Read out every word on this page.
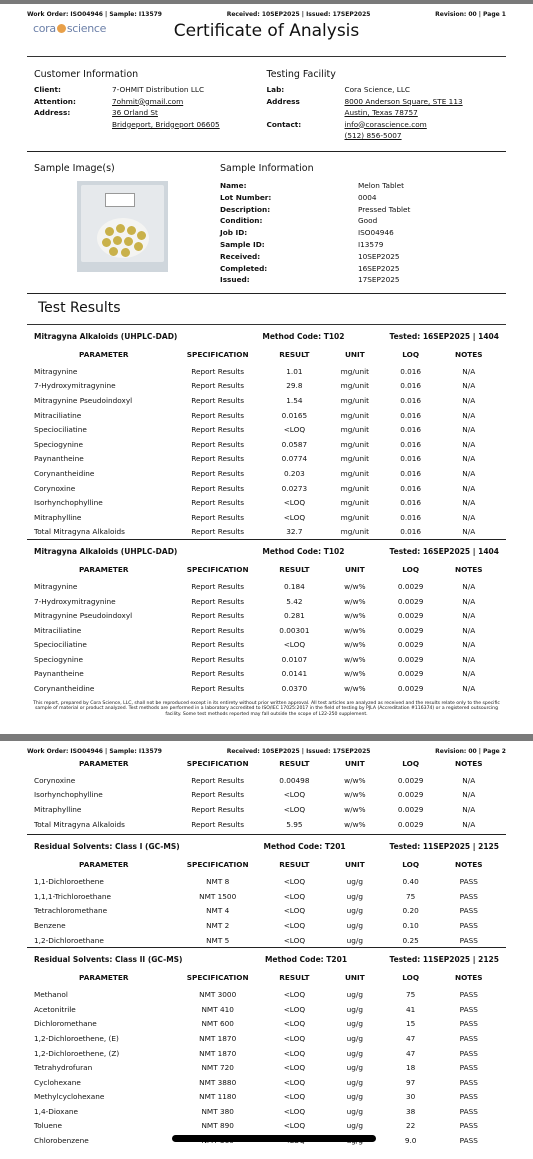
Work Order: ISO04946 | Sample: I13579	Received: 10SEP2025 | Issued: 17SEP2025	Revision: 00 | Page 1
cora science	Certificate of Analysis
Customer Information
Client:	7-OHMIT Distribution LLC
Attention:	7ohmit@gmail.com
Address:	36 Orland St
Bridgeport, Bridgeport 06605
Testing Facility
Lab:	Cora Science, LLC
Address	8000 Anderson Square, STE 113
Austin, Texas 78757
Contact:	info@corascience.com
(512) 856-5007
Sample Image(s)	Sample Information
Name:	Melon Tablet
Lot Number:	0004
Description:	Pressed Tablet
Condition:	Good
Job ID:	ISO04946
Sample ID:	I13579
Received:	10SEP2025
Completed:	16SEP2025
Issued:	17SEP2025
Test Results
Mitragyna Alkaloids (UHPLC-DAD)	Method Code: T102	Tested: 16SEP2025 | 1404
PARAMETER	SPECIFICATION	RESULT	UNIT	LOQ	NOTES
Mitragynine	Report Results	1.01	mg/unit	0.016	N/A
7-Hydroxymitragynine	Report Results	29.8	mg/unit	0.016	N/A
Mitragynine Pseudoindoxyl	Report Results	1.54	mg/unit	0.016	N/A
Mitraciliatine	Report Results	0.0165	mg/unit	0.016	N/A
Speciociliatine	Report Results	<LOQ	mg/unit	0.016	N/A
Speciogynine	Report Results	0.0587	mg/unit	0.016	N/A
Paynantheine	Report Results	0.0774	mg/unit	0.016	N/A
Corynantheidine	Report Results	0.203	mg/unit	0.016	N/A
Corynoxine	Report Results	0.0273	mg/unit	0.016	N/A
Isorhynchophylline	Report Results	<LOQ	mg/unit	0.016	N/A
Mitraphylline	Report Results	<LOQ	mg/unit	0.016	N/A
Total Mitragyna Alkaloids	Report Results	32.7	mg/unit	0.016	N/A
Mitragyna Alkaloids (UHPLC-DAD)	Method Code: T102	Tested: 16SEP2025 | 1404
PARAMETER	SPECIFICATION	RESULT	UNIT	LOQ	NOTES
Mitragynine	Report Results	0.184	w/w%	0.0029	N/A
7-Hydroxymitragynine	Report Results	5.42	w/w%	0.0029	N/A
Mitragynine Pseudoindoxyl	Report Results	0.281	w/w%	0.0029	N/A
Mitraciliatine	Report Results	0.00301	w/w%	0.0029	N/A
Speciociliatine	Report Results	<LOQ	w/w%	0.0029	N/A
Speciogynine	Report Results	0.0107	w/w%	0.0029	N/A
Paynantheine	Report Results	0.0141	w/w%	0.0029	N/A
Corynantheidine	Report Results	0.0370	w/w%	0.0029	N/A
This report, prepared by Cora Science, LLC, shall not be reproduced except in its entirety without prior written approval. All test articles are analyzed as received and the results relate only to the specific sample of material or product analyzed. Test methods are performed in a laboratory accredited to ISO/IEC 17025:2017 in the field of testing by PJLA (Accreditation #116374) or a registered outsourcing facility. Some test methods reported may fall outside the scope of L22-250 supplement.
Work Order: ISO04946 | Sample: I13579	Received: 10SEP2025 | Issued: 17SEP2025	Revision: 00 | Page 2
PARAMETER	SPECIFICATION	RESULT	UNIT	LOQ	NOTES
Corynoxine	Report Results	0.00498	w/w%	0.0029	N/A
Isorhynchophylline	Report Results	<LOQ	w/w%	0.0029	N/A
Mitraphylline	Report Results	<LOQ	w/w%	0.0029	N/A
Total Mitragyna Alkaloids	Report Results	5.95	w/w%	0.0029	N/A
Residual Solvents: Class I (GC-MS)	Method Code: T201	Tested: 11SEP2025 | 2125
PARAMETER	SPECIFICATION	RESULT	UNIT	LOQ	NOTES
1,1-Dichloroethene	NMT 8	<LOQ	ug/g	0.40	PASS
1,1,1-Trichloroethane	NMT 1500	<LOQ	ug/g	75	PASS
Tetrachloromethane	NMT 4	<LOQ	ug/g	0.20	PASS
Benzene	NMT 2	<LOQ	ug/g	0.10	PASS
1,2-Dichloroethane	NMT 5	<LOQ	ug/g	0.25	PASS
Residual Solvents: Class II (GC-MS)	Method Code: T201	Tested: 11SEP2025 | 2125
PARAMETER	SPECIFICATION	RESULT	UNIT	LOQ	NOTES
Methanol	NMT 3000	<LOQ	ug/g	75	PASS
Acetonitrile	NMT 410	<LOQ	ug/g	41	PASS
Dichloromethane	NMT 600	<LOQ	ug/g	15	PASS
1,2-Dichloroethene, (E)	NMT 1870	<LOQ	ug/g	47	PASS
1,2-Dichloroethene, (Z)	NMT 1870	<LOQ	ug/g	47	PASS
Tetrahydrofuran	NMT 720	<LOQ	ug/g	18	PASS
Cyclohexane	NMT 3880	<LOQ	ug/g	97	PASS
Methylcyclohexane	NMT 1180	<LOQ	ug/g	30	PASS
1,4-Dioxane	NMT 380	<LOQ	ug/g	38	PASS
Toluene	NMT 890	<LOQ	ug/g	22	PASS
Chlorobenzene				9.0	PASS
